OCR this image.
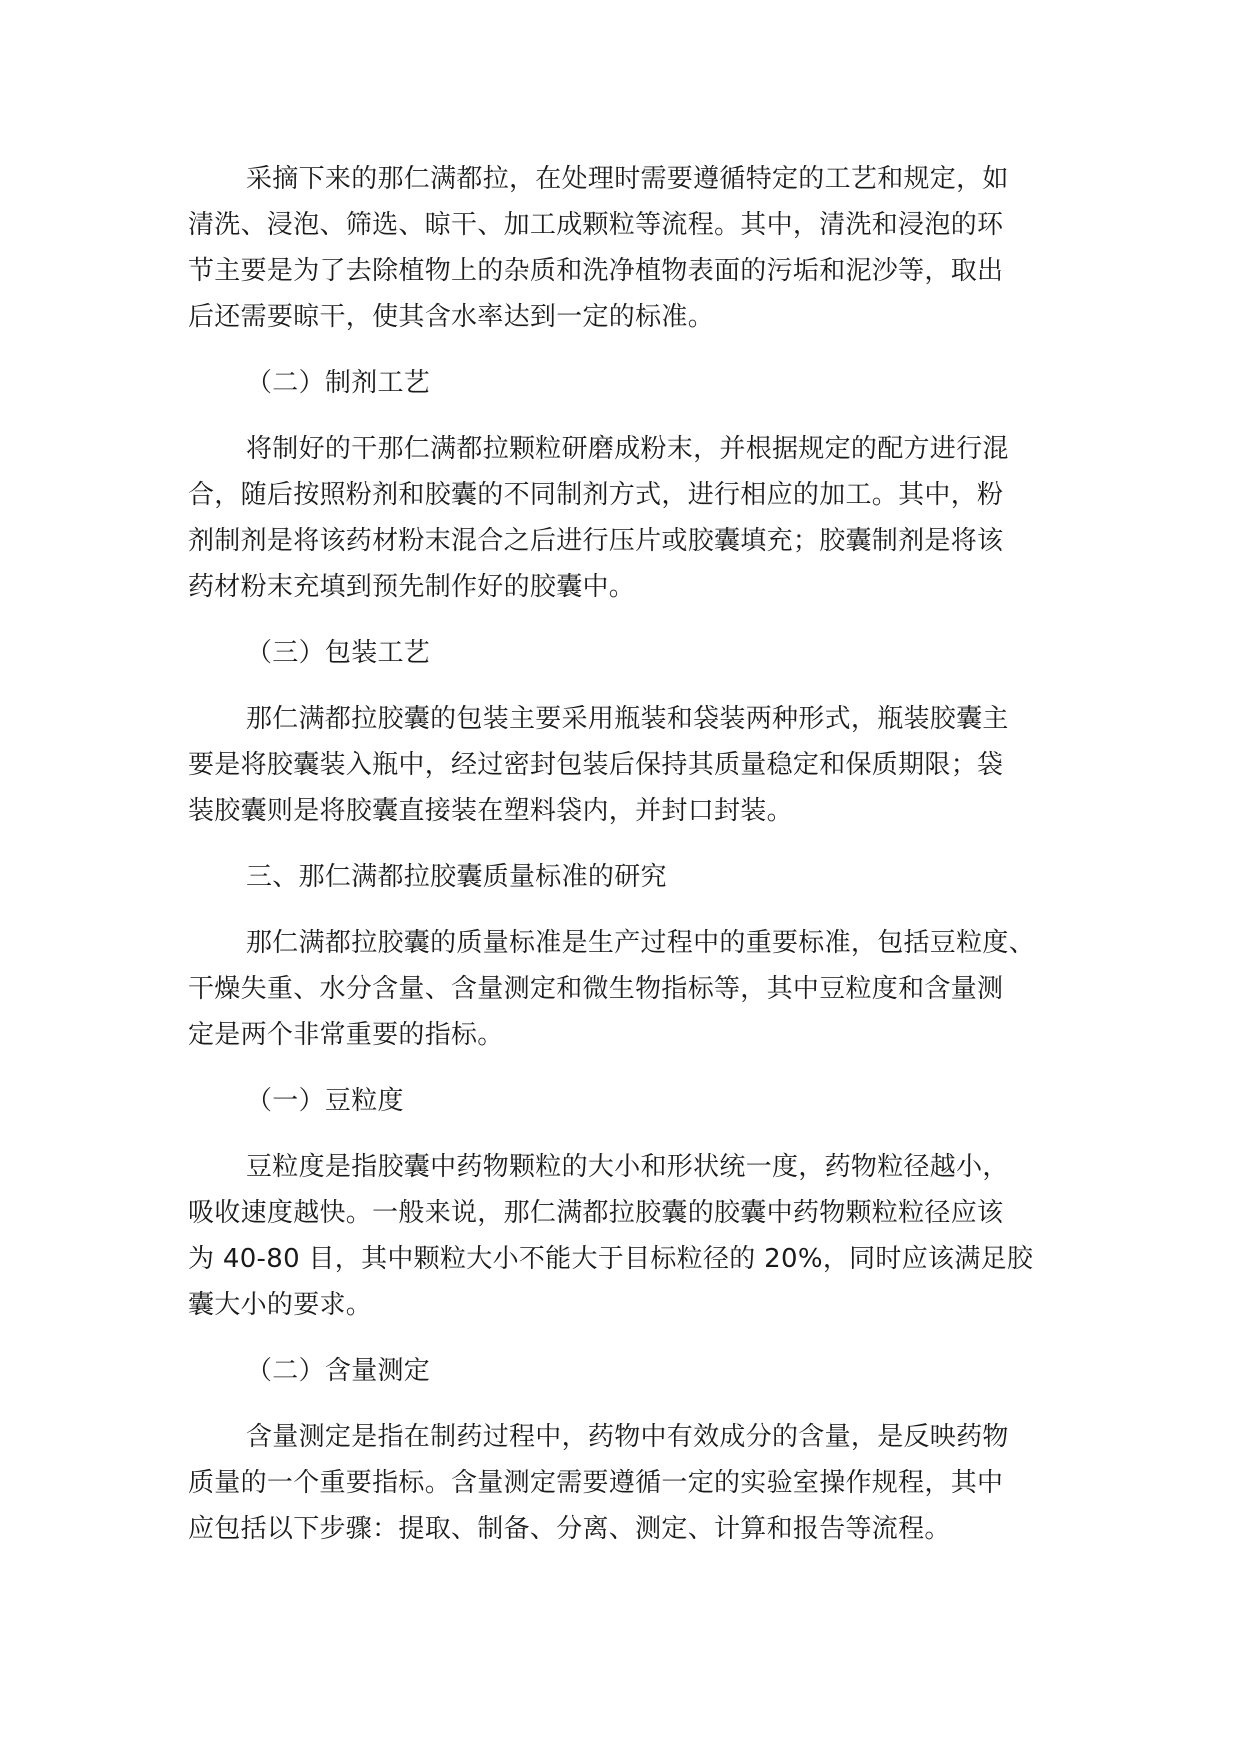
采摘下来的那仁满都拉，在处理时需要遵循特定的工艺和规定，如
清洗、浸泡、筛选、晾干、加工成颗粒等流程。其中，清洗和浸泡的环
节主要是为了去除植物上的杂质和洗净植物表面的污垢和泥沙等，取出
后还需要晾干，使其含水率达到一定的标准。
（二）制剂工艺
将制好的干那仁满都拉颗粒研磨成粉末，并根据规定的配方进行混
合，随后按照粉剂和胶囊的不同制剂方式，进行相应的加工。其中，粉
剂制剂是将该药材粉末混合之后进行压片或胶囊填充；胶囊制剂是将该
药材粉末充填到预先制作好的胶囊中。
（三）包装工艺
那仁满都拉胶囊的包装主要采用瓶装和袋装两种形式，瓶装胶囊主
要是将胶囊装入瓶中，经过密封包装后保持其质量稳定和保质期限；袋
装胶囊则是将胶囊直接装在塑料袋内，并封口封装。
三、那仁满都拉胶囊质量标准的研究
那仁满都拉胶囊的质量标准是生产过程中的重要标准，包括豆粒度、
干燥失重、水分含量、含量测定和微生物指标等，其中豆粒度和含量测
定是两个非常重要的指标。
（一）豆粒度
豆粒度是指胶囊中药物颗粒的大小和形状统一度，药物粒径越小，
吸收速度越快。一般来说，那仁满都拉胶囊的胶囊中药物颗粒粒径应该
为 40-80 目，其中颗粒大小不能大于目标粒径的 20%，同时应该满足胶
囊大小的要求。
（二）含量测定
含量测定是指在制药过程中，药物中有效成分的含量，是反映药物
质量的一个重要指标。含量测定需要遵循一定的实验室操作规程，其中
应包括以下步骤：提取、制备、分离、测定、计算和报告等流程。
